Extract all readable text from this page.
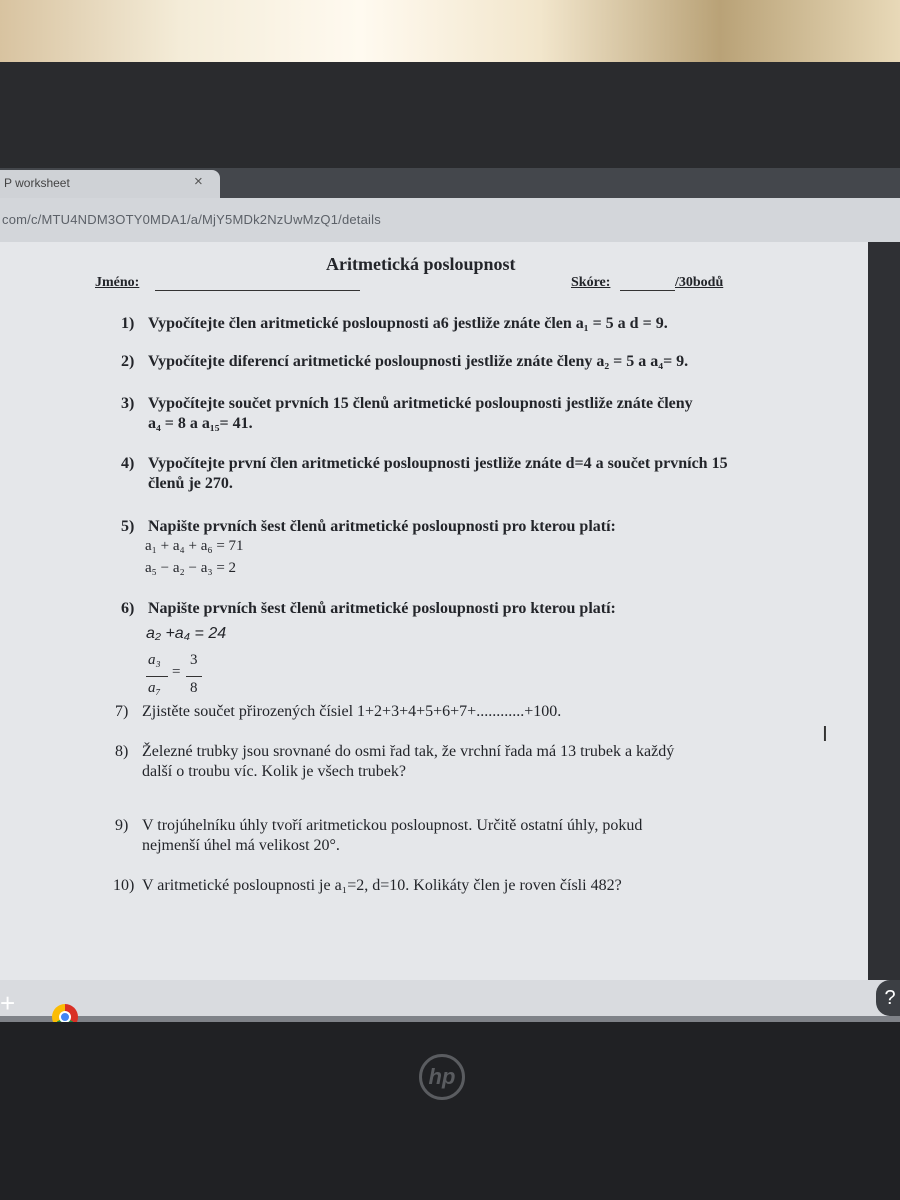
P worksheet	×
com/c/MTU4NDM3OTY0MDA1/a/MjY5MDk2NzUwMzQ1/details
Aritmetická posloupnost
Jméno:	Skóre:	/30bodů
1) Vypočítejte člen aritmetické posloupnosti a6 jestliže znáte člen a₁ = 5 a d = 9.
2) Vypočítejte diferencí aritmetické posloupnosti jestliže znáte členy a₂ = 5 a a₄= 9.
3) Vypočítejte součet prvních 15 členů aritmetické posloupnosti jestliže znáte členy
a₄ = 8 a a₁₅= 41.
4) Vypočítejte první člen aritmetické posloupnosti jestliže znáte d=4 a součet prvních 15
členů je 270.
5) Napište prvních šest členů aritmetické posloupnosti pro kterou platí:
a₁ + a₄ + a₆ = 71
a₅ − a₂ − a₃ = 2
6) Napište prvních šest členů aritmetické posloupnosti pro kterou platí:
a₂ +a₄ = 24
a₃
=
3
a₇ 8
7) Zjistěte součet přirozených čísiel 1+2+3+4+5+6+7+............+100.
8) Železné trubky jsou srovnané do osmi řad tak, že vrchní řada má 13 trubek a každý
další o troubu víc. Kolik je všech trubek?
9) V trojúhelníku úhly tvoří aritmetickou posloupnost. Určitě ostatní úhly, pokud
nejmenší úhel má velikost 20°.
10) V aritmetické posloupnosti je a₁=2, d=10. Kolikáty člen je roven čísli 482?
I
+	?
hp
